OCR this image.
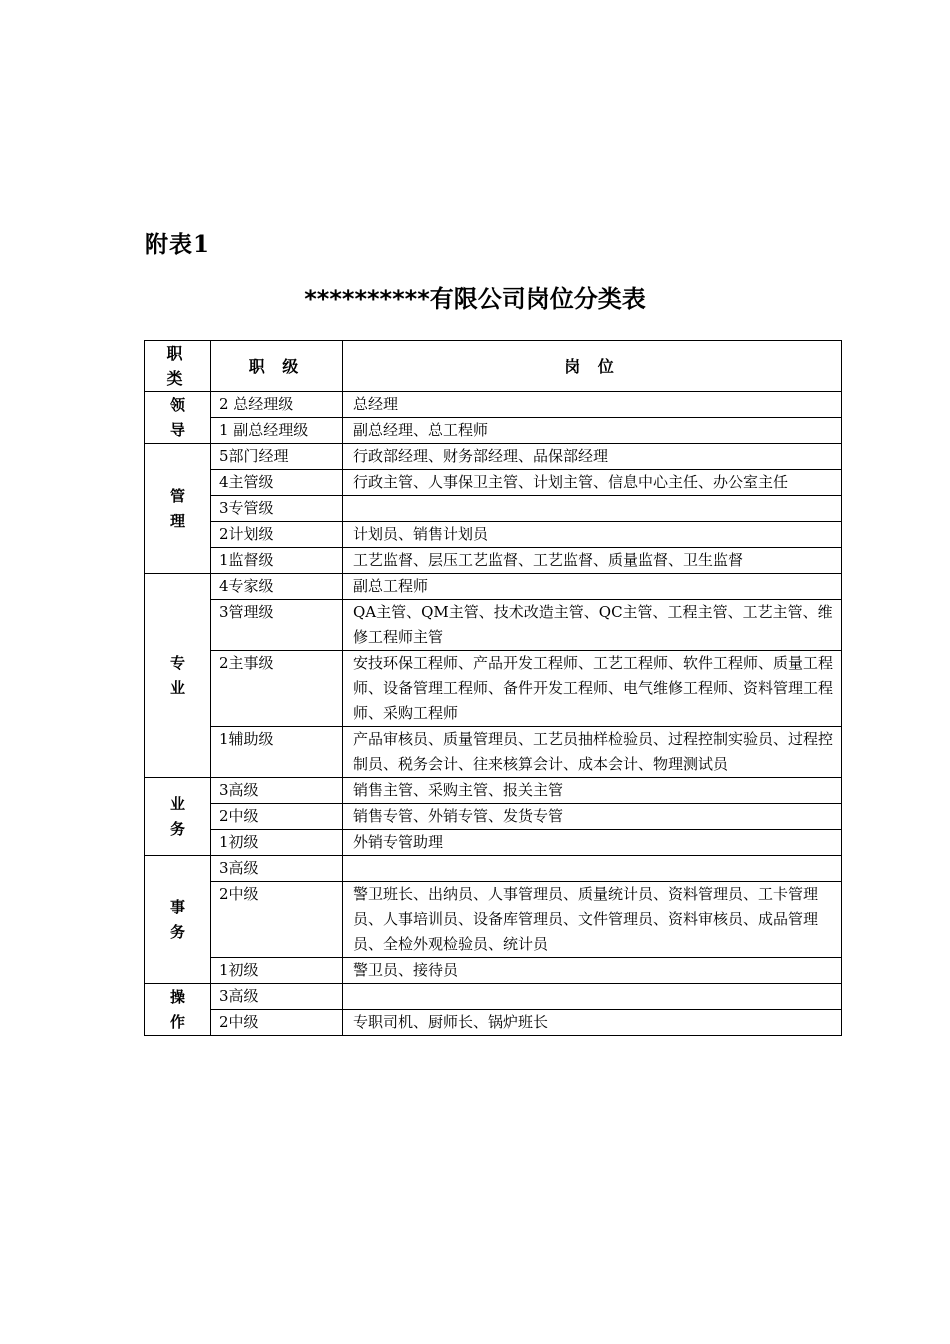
附表1
**********有限公司岗位分类表
职 类	职 级	岗 位
领导	2 总经理级	总经理
	1 副总经理级	副总经理、总工程师
管理	5部门经理	行政部经理、财务部经理、品保部经理
	4主管级	行政主管、人事保卫主管、计划主管、信息中心主任、办公室主任
	3专管级	
	2计划级	计划员、销售计划员
	1监督级	工艺监督、层压工艺监督、工艺监督、质量监督、卫生监督
专业	4专家级	副总工程师
	3管理级	QA主管、QM主管、技术改造主管、QC主管、工程主管、工艺主管、维修工程师主管
	2主事级	安技环保工程师、产品开发工程师、工艺工程师、软件工程师、质量工程师、设备管理工程师、备件开发工程师、电气维修工程师、资料管理工程师、采购工程师
	1辅助级	产品审核员、质量管理员、工艺员抽样检验员、过程控制实验员、过程控制员、税务会计、往来核算会计、成本会计、物理测试员
业务	3高级	销售主管、采购主管、报关主管
	2中级	销售专管、外销专管、发货专管
	1初级	外销专管助理
事务	3高级	
	2中级	警卫班长、出纳员、人事管理员、质量统计员、资料管理员、工卡管理员、人事培训员、设备库管理员、文件管理员、资料审核员、成品管理员、全检外观检验员、统计员
	1初级	警卫员、接待员
操作	3高级	
	2中级	专职司机、厨师长、锅炉班长
